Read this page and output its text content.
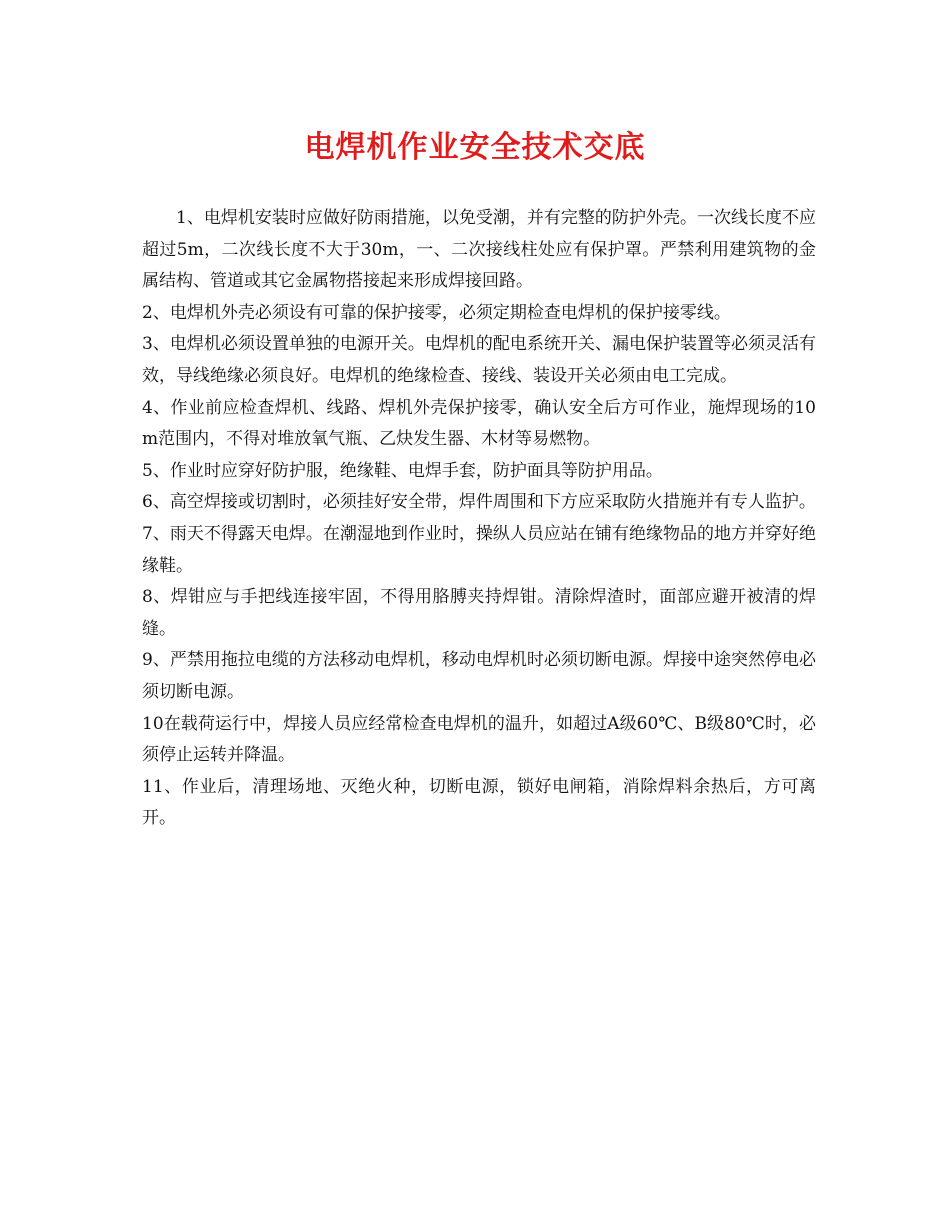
电焊机作业安全技术交底

1、电焊机安装时应做好防雨措施，以免受潮，并有完整的防护外壳。一次线长度不应超过5m，二次线长度不大于30m，一、二次接线柱处应有保护罩。严禁利用建筑物的金属结构、管道或其它金属物搭接起来形成焊接回路。

2、电焊机外壳必须设有可靠的保护接零，必须定期检查电焊机的保护接零线。

3、电焊机必须设置单独的电源开关。电焊机的配电系统开关、漏电保护装置等必须灵活有效，导线绝缘必须良好。电焊机的绝缘检查、接线、装设开关必须由电工完成。

4、作业前应检查焊机、线路、焊机外壳保护接零，确认安全后方可作业，施焊现场的10m范围内，不得对堆放氧气瓶、乙炔发生器、木材等易燃物。

5、作业时应穿好防护服，绝缘鞋、电焊手套，防护面具等防护用品。

6、高空焊接或切割时，必须挂好安全带，焊件周围和下方应采取防火措施并有专人监护。

7、雨天不得露天电焊。在潮湿地到作业时，操纵人员应站在铺有绝缘物品的地方并穿好绝缘鞋。

8、焊钳应与手把线连接牢固，不得用胳膊夹持焊钳。清除焊渣时，面部应避开被清的焊缝。

9、严禁用拖拉电缆的方法移动电焊机，移动电焊机时必须切断电源。焊接中途突然停电必须切断电源。

10在载荷运行中，焊接人员应经常检查电焊机的温升，如超过A级60℃、B级80℃时，必须停止运转并降温。

11、作业后，清理场地、灭绝火种，切断电源，锁好电闸箱，消除焊料余热后，方可离开。
